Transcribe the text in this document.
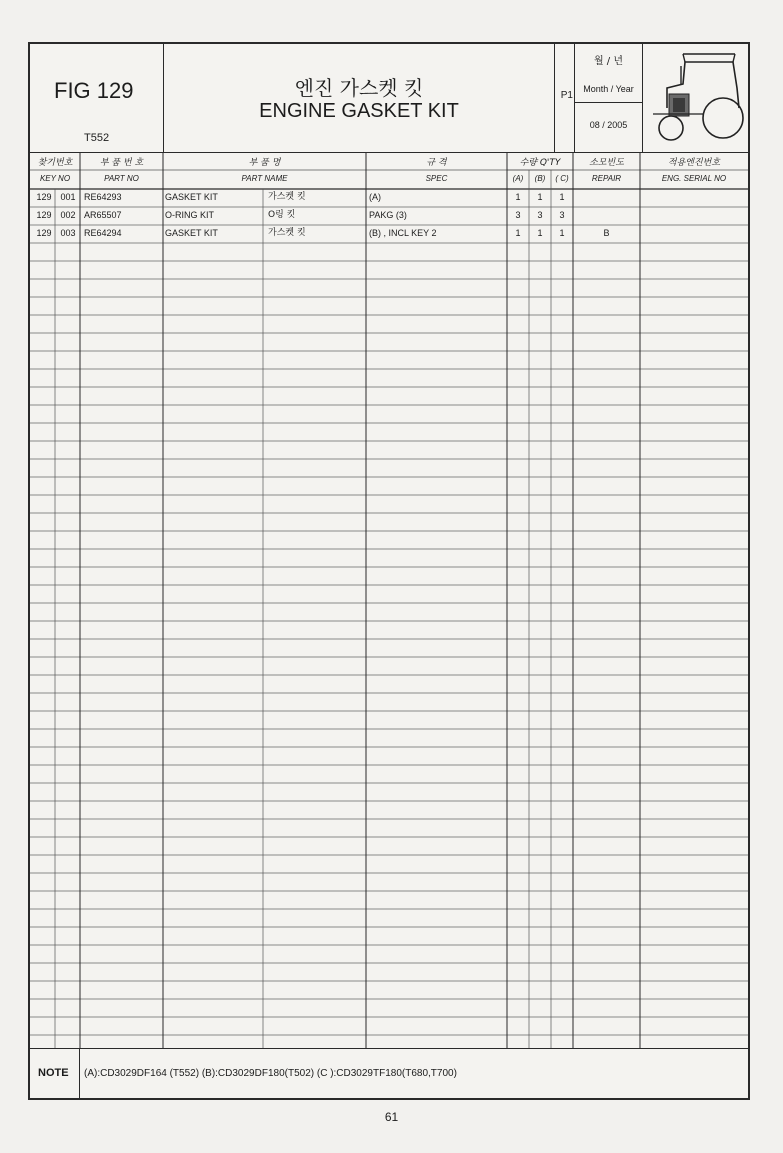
FIG 129
T552
엔진 가스켓 킷
ENGINE GASKET KIT
P1
월 / 년
Month / Year
08 / 2005
찾기번호
KEY NO
부 품 번 호
PART NO
부 품 명
PART NAME
규 격
SPEC
수량 Q'TY
(A)	(B)	( C)
소모빈도
REPAIR
적용엔진번호
ENG. SERIAL NO
129 001 RE64293	GASKET KIT	가스켓 킷	(A)	1	1	1
129 002 AR65507	O-RING KIT	O링 킷	PAKG (3)	3	3	3
129 003 RE64294	GASKET KIT	가스켓 킷	(B) , INCL KEY 2	1	1	1	B
NOTE (A):CD3029DF164 (T552) (B):CD3029DF180(T502) (C ):CD3029TF180(T680,T700)
61
